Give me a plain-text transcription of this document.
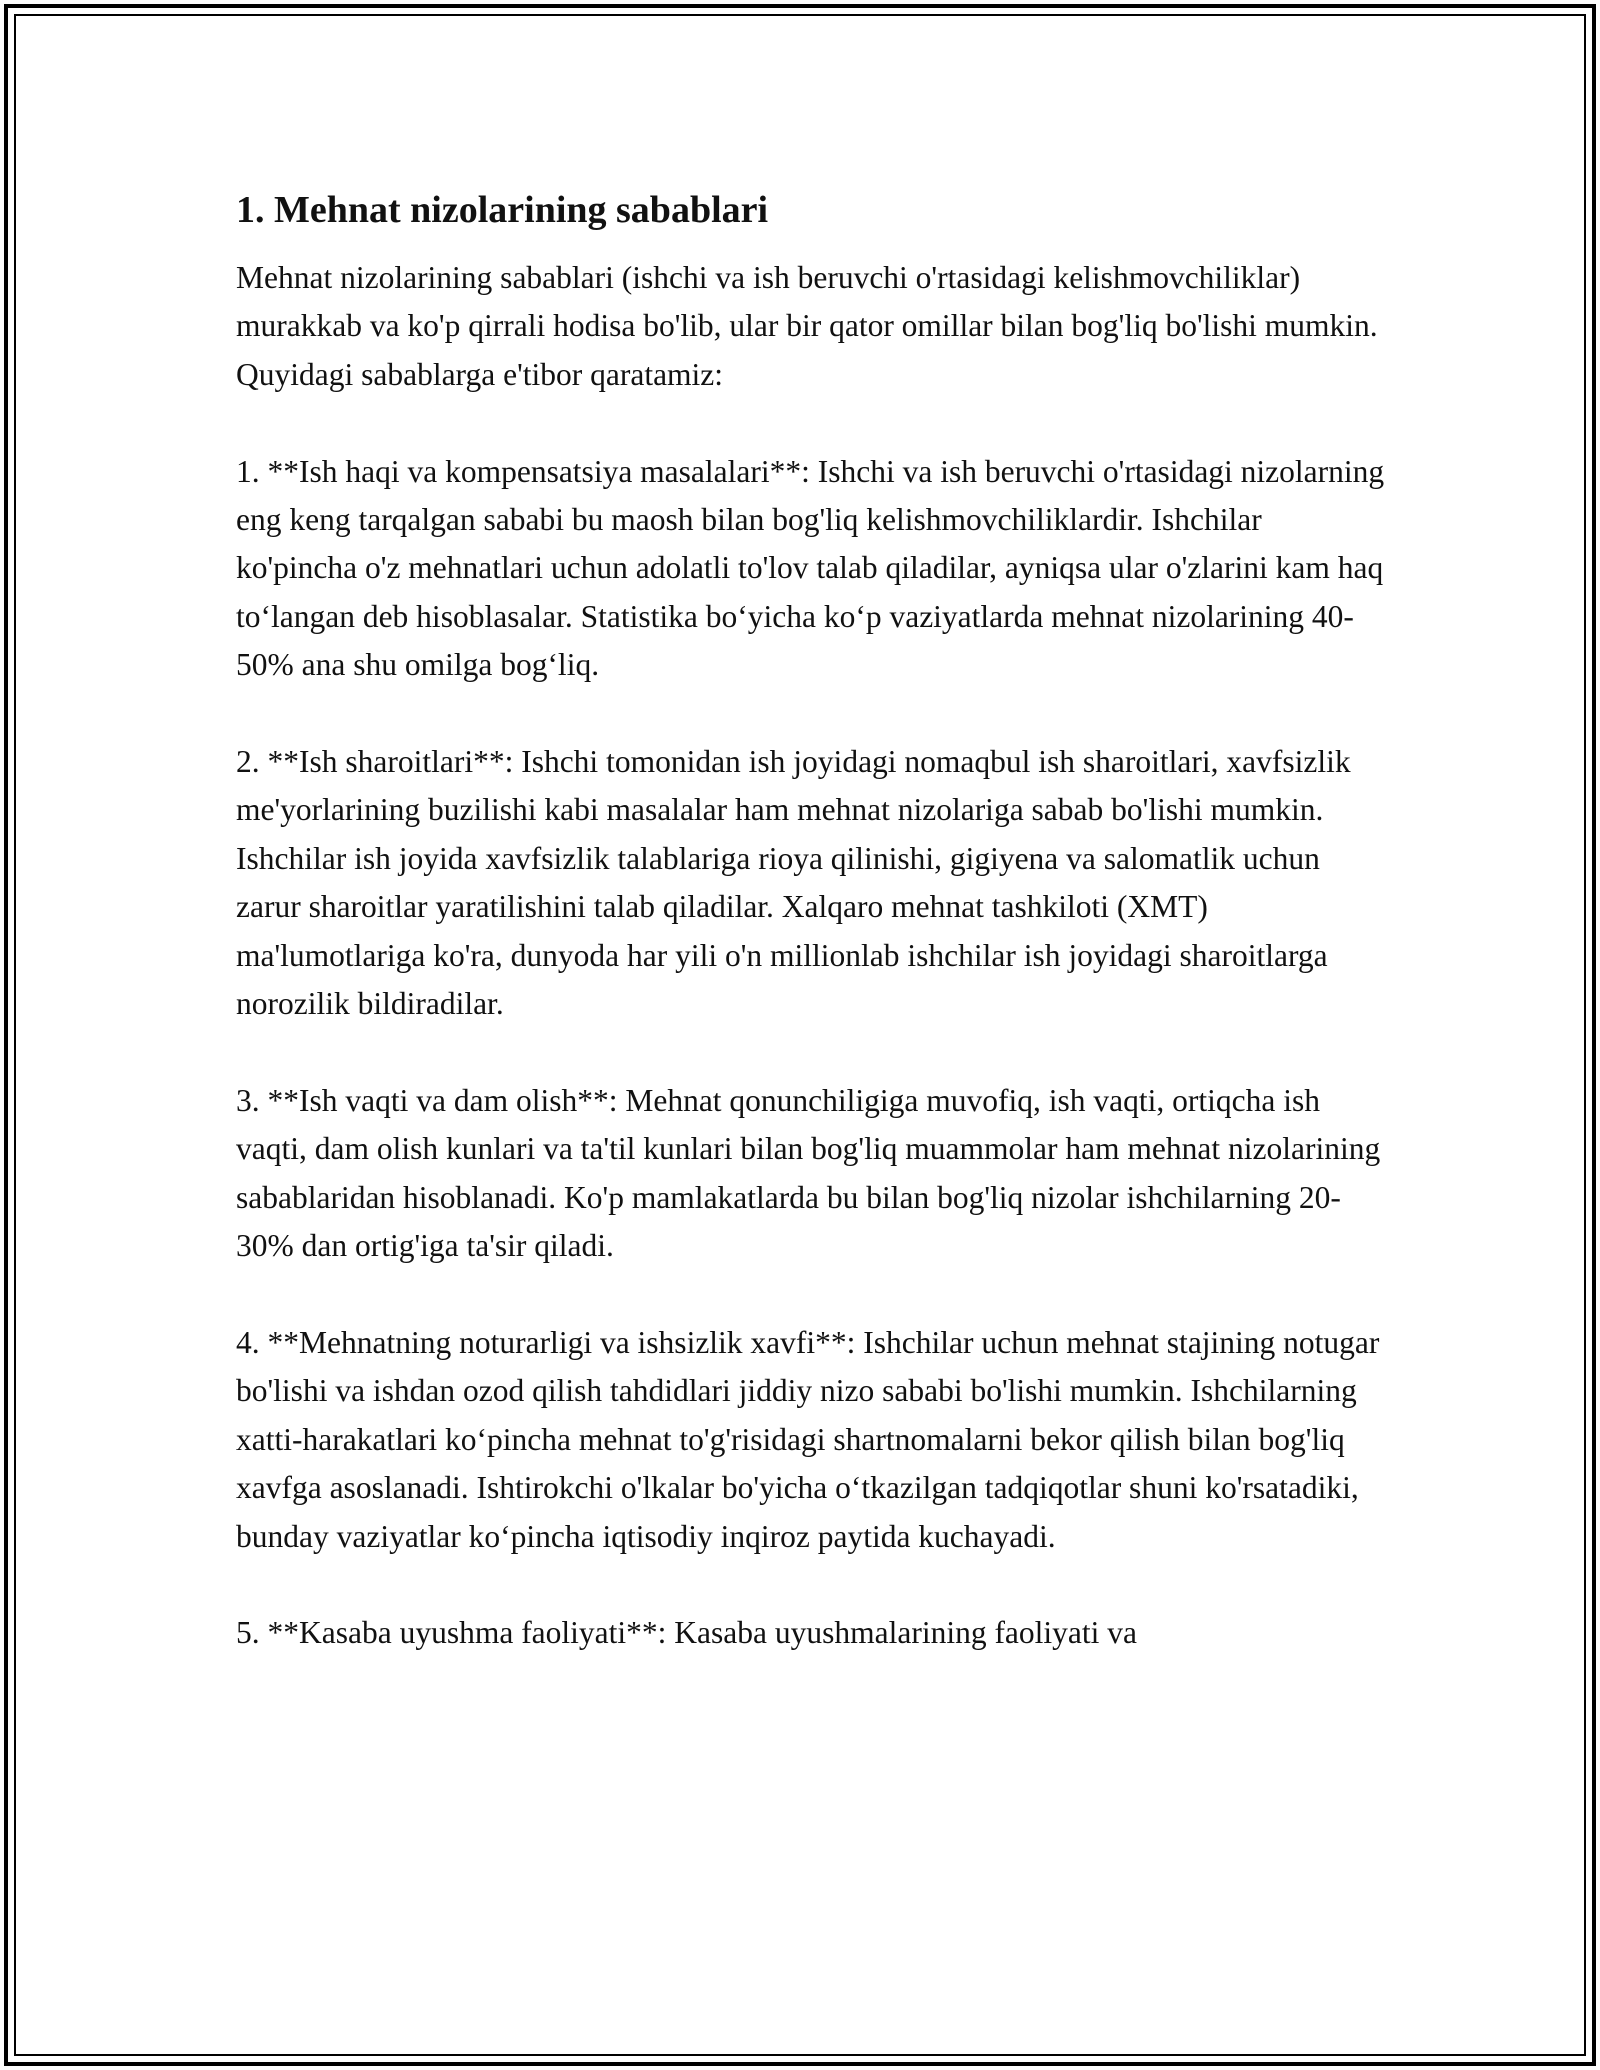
1. Mehnat nizolarining sabablari

Mehnat nizolarining sabablari (ishchi va ish beruvchi o'rtasidagi kelishmovchiliklar) murakkab va ko'p qirrali hodisa bo'lib, ular bir qator omillar bilan bog'liq bo'lishi mumkin. Quyidagi sabablarga e'tibor qaratamiz:

1. **Ish haqi va kompensatsiya masalalari**: Ishchi va ish beruvchi o'rtasidagi nizolarning eng keng tarqalgan sababi bu maosh bilan bog'liq kelishmovchiliklardir. Ishchilar ko'pincha o'z mehnatlari uchun adolatli to'lov talab qiladilar, ayniqsa ular o'zlarini kam haq to‘langan deb hisoblasalar. Statistika bo‘yicha ko‘p vaziyatlarda mehnat nizolarining 40-50% ana shu omilga bog‘liq.

2. **Ish sharoitlari**: Ishchi tomonidan ish joyidagi nomaqbul ish sharoitlari, xavfsizlik me'yorlarining buzilishi kabi masalalar ham mehnat nizolariga sabab bo'lishi mumkin. Ishchilar ish joyida xavfsizlik talablariga rioya qilinishi, gigiyena va salomatlik uchun zarur sharoitlar yaratilishini talab qiladilar. Xalqaro mehnat tashkiloti (XMT) ma'lumotlariga ko'ra, dunyoda har yili o'n millionlab ishchilar ish joyidagi sharoitlarga norozilik bildiradilar.

3. **Ish vaqti va dam olish**: Mehnat qonunchiligiga muvofiq, ish vaqti, ortiqcha ish vaqti, dam olish kunlari va ta'til kunlari bilan bog'liq muammolar ham mehnat nizolarining sabablaridan hisoblanadi. Ko'p mamlakatlarda bu bilan bog'liq nizolar ishchilarning 20-30% dan ortig'iga ta'sir qiladi.

4. **Mehnatning noturarligi va ishsizlik xavfi**: Ishchilar uchun mehnat stajining notugar bo'lishi va ishdan ozod qilish tahdidlari jiddiy nizo sababi bo'lishi mumkin. Ishchilarning xatti-harakatlari ko‘pincha mehnat to'g'risidagi shartnomalarni bekor qilish bilan bog'liq xavfga asoslanadi. Ishtirokchi o'lkalar bo'yicha o‘tkazilgan tadqiqotlar shuni ko'rsatadiki, bunday vaziyatlar ko‘pincha iqtisodiy inqiroz paytida kuchayadi.

5. **Kasaba uyushma faoliyati**: Kasaba uyushmalarining faoliyati va
